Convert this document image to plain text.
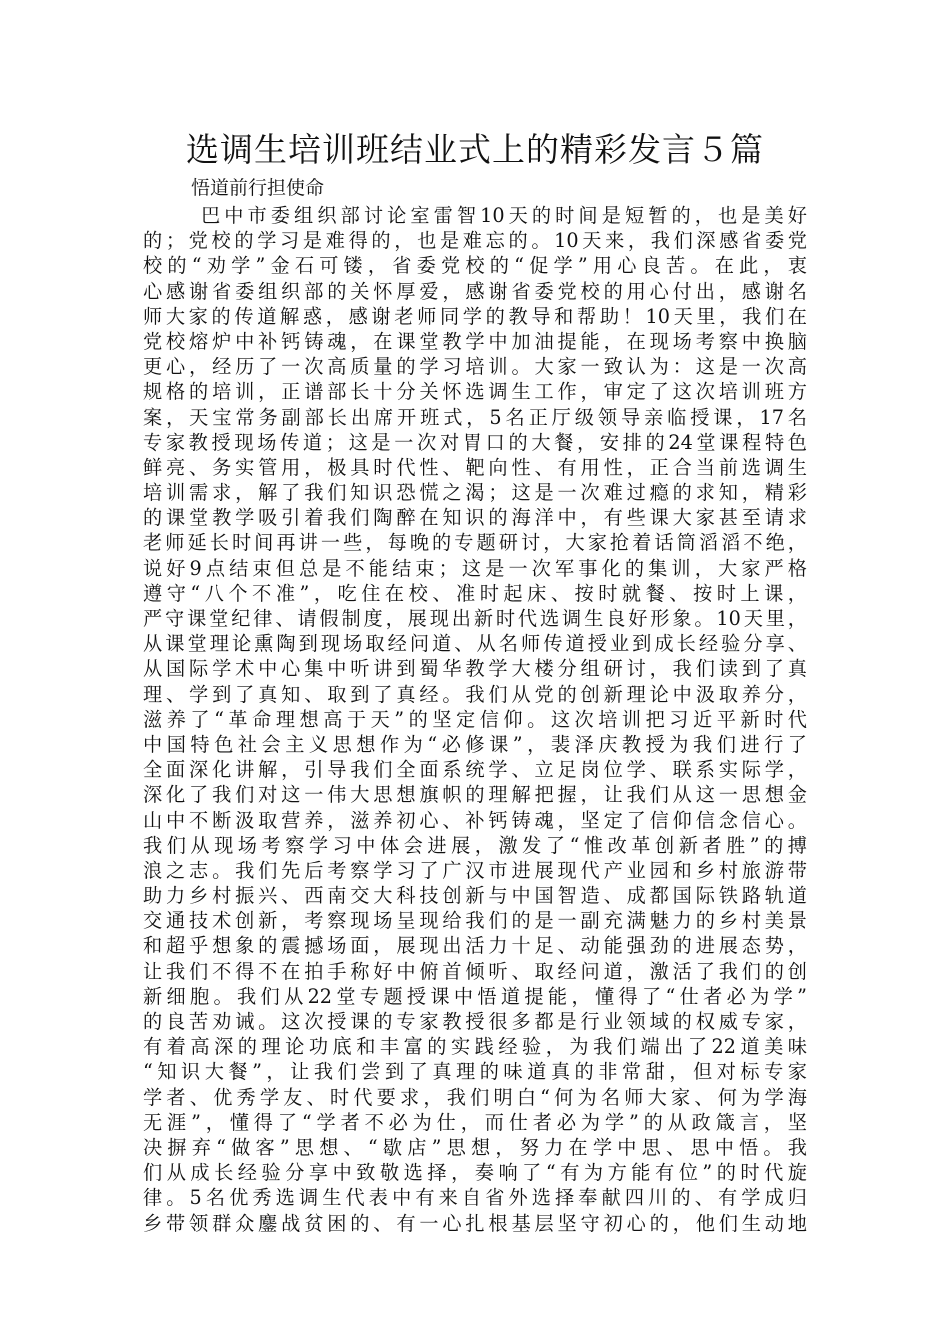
选调生培训班结业式上的精彩发言５篇
悟道前行担使命
巴中市委组织部讨论室雷智10天的时间是短暂的，也是美好
的；党校的学习是难得的，也是难忘的。10天来，我们深感省委党
校的“劝学”金石可镂，省委党校的“促学”用心良苦。在此，衷
心感谢省委组织部的关怀厚爱，感谢省委党校的用心付出，感谢名
师大家的传道解惑，感谢老师同学的教导和帮助！10天里，我们在
党校熔炉中补钙铸魂，在课堂教学中加油提能，在现场考察中换脑
更心，经历了一次高质量的学习培训。大家一致认为：这是一次高
规格的培训，正谱部长十分关怀选调生工作，审定了这次培训班方
案，天宝常务副部长出席开班式，5名正厅级领导亲临授课，17名
专家教授现场传道；这是一次对胃口的大餐，安排的24堂课程特色
鲜亮、务实管用，极具时代性、靶向性、有用性，正合当前选调生
培训需求，解了我们知识恐慌之渴；这是一次难过瘾的求知，精彩
的课堂教学吸引着我们陶醉在知识的海洋中，有些课大家甚至请求
老师延长时间再讲一些，每晚的专题研讨，大家抢着话筒滔滔不绝，
说好9点结束但总是不能结束；这是一次军事化的集训，大家严格
遵守“八个不准”，吃住在校、准时起床、按时就餐、按时上课，
严守课堂纪律、请假制度，展现出新时代选调生良好形象。10天里，
从课堂理论熏陶到现场取经问道、从名师传道授业到成长经验分享、
从国际学术中心集中听讲到蜀华教学大楼分组研讨，我们读到了真
理、学到了真知、取到了真经。我们从党的创新理论中汲取养分，
滋养了“革命理想高于天”的坚定信仰。这次培训把习近平新时代
中国特色社会主义思想作为“必修课”，裴泽庆教授为我们进行了
全面深化讲解，引导我们全面系统学、立足岗位学、联系实际学，
深化了我们对这一伟大思想旗帜的理解把握，让我们从这一思想金
山中不断汲取营养，滋养初心、补钙铸魂，坚定了信仰信念信心。
我们从现场考察学习中体会进展，激发了“惟改革创新者胜”的搏
浪之志。我们先后考察学习了广汉市进展现代产业园和乡村旅游带
助力乡村振兴、西南交大科技创新与中国智造、成都国际铁路轨道
交通技术创新，考察现场呈现给我们的是一副充满魅力的乡村美景
和超乎想象的震撼场面，展现出活力十足、动能强劲的进展态势，
让我们不得不在拍手称好中俯首倾听、取经问道，激活了我们的创
新细胞。我们从22堂专题授课中悟道提能，懂得了“仕者必为学”
的良苦劝诫。这次授课的专家教授很多都是行业领域的权威专家，
有着高深的理论功底和丰富的实践经验，为我们端出了22道美味
“知识大餐”，让我们尝到了真理的味道真的非常甜，但对标专家
学者、优秀学友、时代要求，我们明白“何为名师大家、何为学海
无涯”，懂得了“学者不必为仕，而仕者必为学”的从政箴言，坚
决摒弃“做客”思想、“歇店”思想，努力在学中思、思中悟。我
们从成长经验分享中致敬选择，奏响了“有为方能有位”的时代旋
律。5名优秀选调生代表中有来自省外选择奉献四川的、有学成归
乡带领群众鏖战贫困的、有一心扎根基层坚守初心的，他们生动地
